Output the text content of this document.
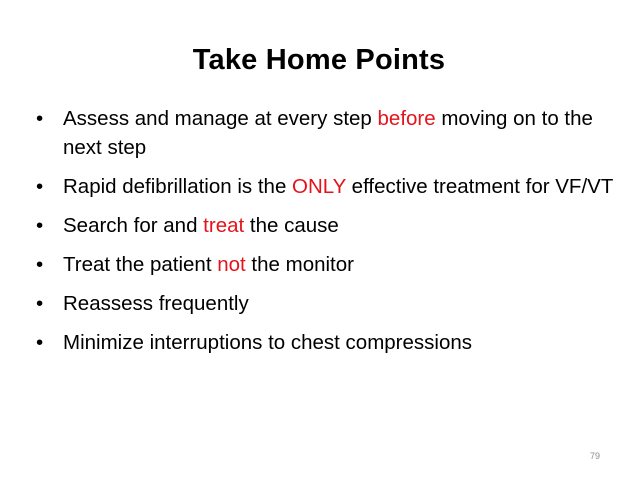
Take Home Points
• Assess and manage at every step before moving on to the next step
• Rapid defibrillation is the ONLY effective treatment for VF/VT
• Search for and treat the cause
• Treat the patient not the monitor
• Reassess frequently
• Minimize interruptions to chest compressions
79
